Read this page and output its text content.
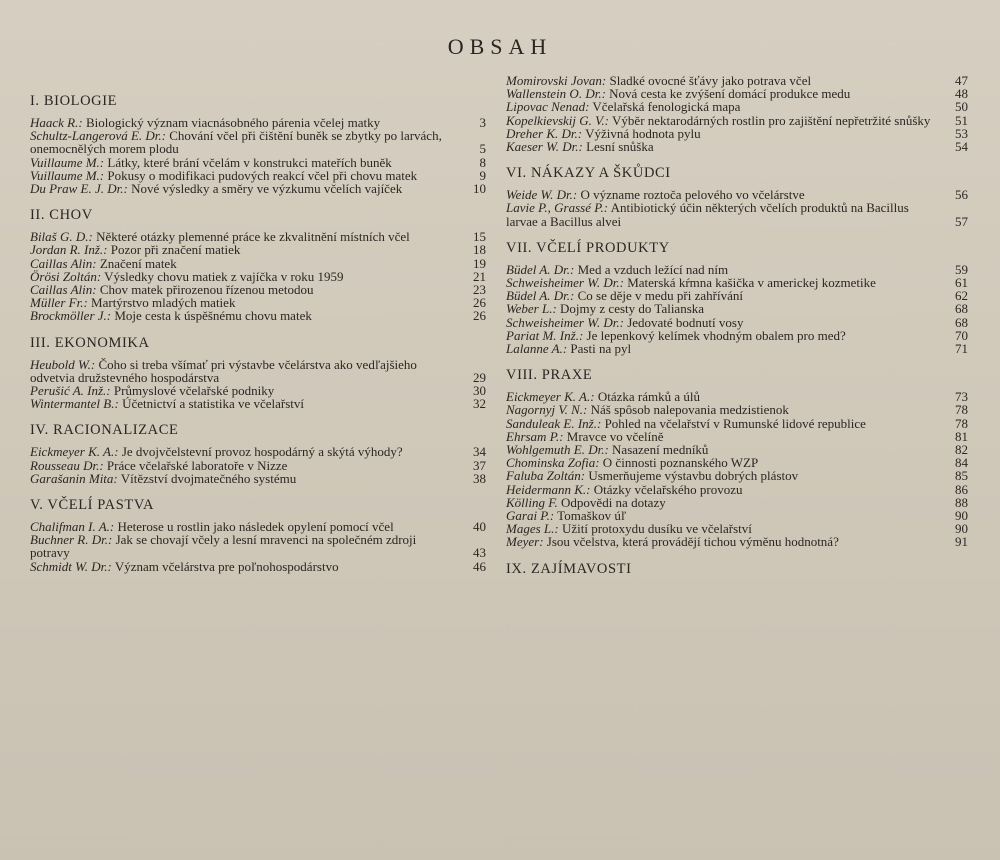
OBSAH
I. BIOLOGIE
Haack R.: Biologický význam viacnásobného párenia včelej matky	3
Schultz-Langerová E. Dr.: Chování včel při čištění buněk se zbytky po larvách, onemocnělých morem plodu	5
Vuillaume M.: Látky, které brání včelám v konstrukci mateřích buněk	8
Vuillaume M.: Pokusy o modifikaci pudových reakcí včel při chovu matek	9
Du Praw E. J. Dr.: Nové výsledky a směry ve výzkumu včelích vajíček	10
II. CHOV
Bilaš G. D.: Některé otázky plemenné práce ke zkvalitnění místních včel	15
Jordan R. Inž.: Pozor při značení matiek	18
Caillas Alin: Značení matek	19
Örösi Zoltán: Výsledky chovu matiek z vajíčka v roku 1959	21
Caillas Alin: Chov matek přirozenou řízenou metodou	23
Müller Fr.: Martýrstvo mladých matiek	26
Brockmöller J.: Moje cesta k úspěšnému chovu matek	26
III. EKONOMIKA
Heubold W.: Čoho si treba všímať pri výstavbe včelárstva ako vedľajšieho odvetvia družstevného hospodárstva	29
Perušić A. Inž.: Průmyslové včelařské podniky	30
Wintermantel B.: Účetnictví a statistika ve včelařství	32
IV. RACIONALIZACE
Eickmeyer K. A.: Je dvojvčelstevní provoz hospodárný a skýtá výhody?	34
Rousseau Dr.: Práce včelařské laboratoře v Nizze	37
Garašanin Mita: Vítězství dvojmatečného systému	38
V. VČELÍ PASTVA
Chalifman I. A.: Heterose u rostlin jako následek opylení pomocí včel	40
Buchner R. Dr.: Jak se chovají včely a lesní mravenci na společném zdroji potravy	43
Schmidt W. Dr.: Význam včelárstva pre poľnohospodárstvo	46
Momirovski Jovan: Sladké ovocné šťávy jako potrava včel	47
Wallenstein O. Dr.: Nová cesta ke zvýšení domácí produkce medu	48
Lipovac Nenad: Včelařská fenologická mapa	50
Kopelkievskij G. V.: Výběr nektarodárných rostlin pro zajištění nepřetržité snůšky 51
Dreher K. Dr.: Výživná hodnota pylu	53
Kaeser W. Dr.: Lesní snůška	54
VI. NÁKAZY A ŠKŮDCI
Weide W. Dr.: O význame roztoča pelového vo včelárstve	56
Lavie P., Grassé P.: Antibiotický účin některých včelích produktů na Bacillus larvae a Bacillus alvei	57
VII. VČELÍ PRODUKTY
Büdel A. Dr.: Med a vzduch ležící nad ním	59
Schweisheimer W. Dr.: Materská kŕmna kašička v americkej kozmetike	61
Büdel A. Dr.: Co se děje v medu při zahřívání	62
Weber L.: Dojmy z cesty do Talianska	68
Schweisheimer W. Dr.: Jedovaté bodnutí vosy	68
Pariat M. Inž.: Je lepenkový kelímek vhodným obalem pro med?	70
Lalanne A.: Pasti na pyl	71
VIII. PRAXE
Eickmeyer K. A.: Otázka rámků a úlů	73
Nagornyj V. N.: Náš spôsob nalepovania medzistienok	78
Sanduleak E. Inž.: Pohled na včelařství v Rumunské lidové republice	78
Ehrsam P.: Mravce vo včelíně	81
Wohlgemuth E. Dr.: Nasazení medníků	82
Chominska Zofia: O činnosti poznanského WZP	84
Faluba Zoltán: Usmerňujeme výstavbu dobrých plástov	85
Heidermann K.: Otázky včelařského provozu	86
Kölling F. Odpovědi na dotazy	88
Garai P.: Tomaškov úľ	90
Mages L.: Užití protoxydu dusíku ve včelařství	90
Meyer: Jsou včelstva, která provádějí tichou výměnu hodnotná?	91
IX. ZAJÍMAVOSTI
